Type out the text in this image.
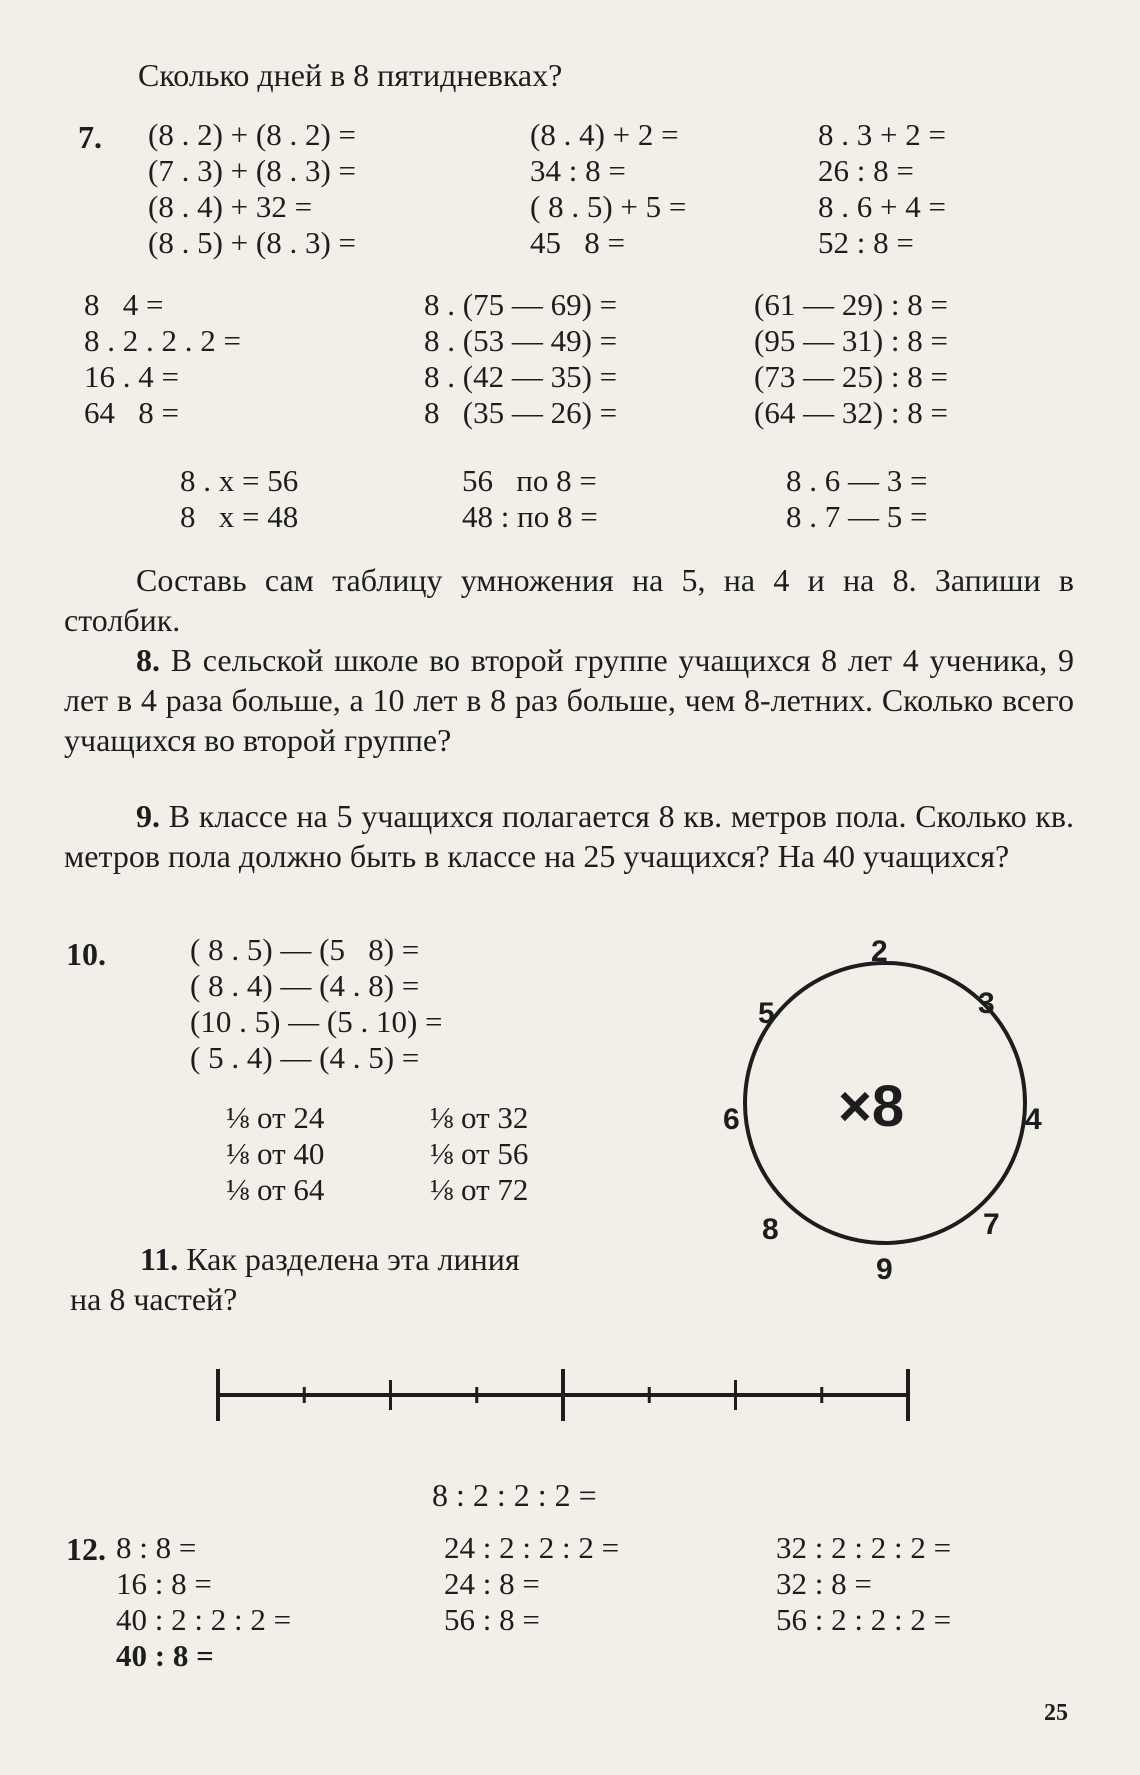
Сколько дней в 8 пятидневках?
7. (8 . 2) + (8 . 2) =
(7 . 3) + (8 . 3) =
(8 . 4) + 32 =
(8 . 5) + (8 . 3) =
(8 . 4) + 2 =
34 : 8 =
( 8 . 5) + 5 =
45   8 =
8 . 3 + 2 =
26 : 8 =
8 . 6 + 4 =
52 : 8 =
8   4 =
8 . 2 . 2 . 2 =
16 . 4 =
64   8 =
8 . (75 — 69) =
8 . (53 — 49) =
8 . (42 — 35) =
8   (35 — 26) =
(61 — 29) : 8 =
(95 — 31) : 8 =
(73 — 25) : 8 =
(64 — 32) : 8 =
8 . x = 56
8   x = 48
56   по 8 =
48 : по 8 =
8 . 6 — 3 =
8 . 7 — 5 =
Составь сам таблицу умножения на 5, на 4 и на 8. Запиши в столбик.
8. В сельской школе во второй группе учащихся 8 лет 4 ученика, 9 лет в 4 раза больше, а 10 лет в 8 раз больше, чем 8-летних. Сколько всего учащихся во второй группе?
9. В классе на 5 учащихся полагается 8 кв. метров пола. Сколько кв. метров пола должно быть в классе на 25 учащихся? На 40 учащихся?
10.	( 8 . 5) — (5   8) =
( 8 . 4) — (4 . 8) =
(10 . 5) — (5 . 10) =
( 5 . 4) — (4 . 5) =
⅛ от 24
⅛ от 40
⅛ от 64
⅛ от 32
⅛ от 56
⅛ от 72
×8
2
3
4
7
9
8
6
5
11. Как разделена эта линия
на 8 частей?
8 : 2 : 2 : 2 =
12. 8 : 8 =
16 : 8 =
40 : 2 : 2 : 2 =
40 : 8 =
24 : 2 : 2 : 2 =
24 : 8 =
56 : 8 =
32 : 2 : 2 : 2 =
32 : 8 =
56 : 2 : 2 : 2 =
25
